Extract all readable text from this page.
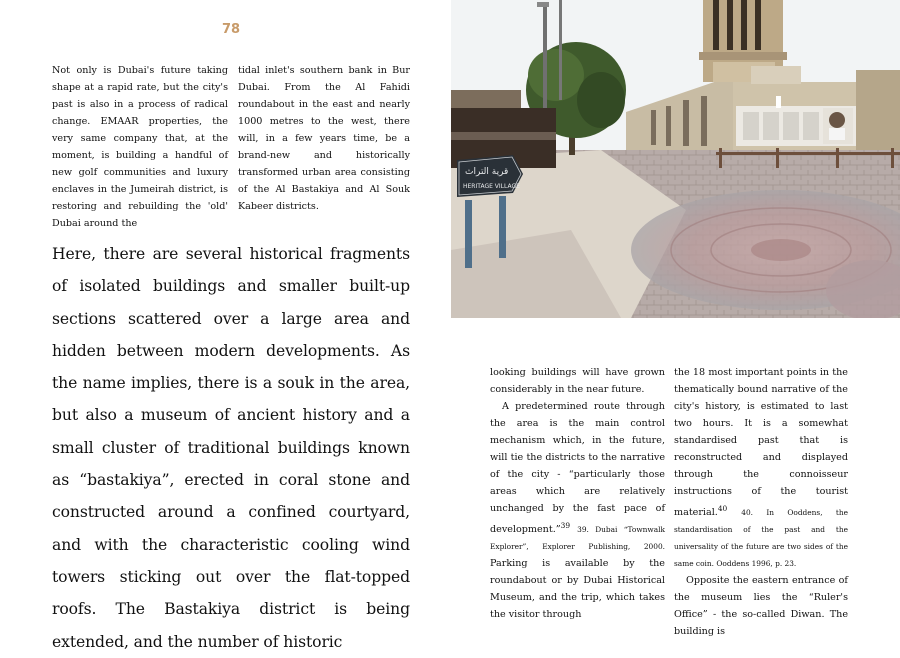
78

Not only is Dubai's future taking shape at a rapid rate, but the city's past is also in a process of radical change. EMAAR properties, the very same company that, at the moment, is building a handful of new golf communities and luxury enclaves in the Jumeirah district, is restoring and rebuilding the 'old' Dubai around the

tidal inlet's southern bank in Bur Dubai. From the Al Fahidi roundabout in the east and nearly 1000 metres to the west, there will, in a few years time, be a brand-new and historically transformed urban area consisting of the Al Bastakiya and Al Souk Kabeer districts.

Here, there are several historical fragments of isolated buildings and smaller built-up sections scattered over a large area and hidden between modern developments. As the name implies, there is a souk in the area, but also a museum of ancient history and a small cluster of traditional buildings known as “bastakiya”, erected in coral stone and constructed around a confined courtyard, and with the characteristic cooling wind towers sticking out over the flat-topped roofs. The Bastakiya district is being extended, and the number of historic

looking buildings will have grown considerably in the near future.

A predetermined route through the area is the main control mechanism which, in the future, will tie the districts to the narrative of the city - “particularly those areas which are relatively unchanged by the fast pace of development.”$^{39}$ 39. Dubai “Townwalk Explorer”, Explorer Publishing, 2000. Parking is available by the roundabout or by Dubai Historical Museum, and the trip, which takes the visitor through

the 18 most important points in the thematically bound narrative of the city's history, is estimated to last two hours. It is a somewhat standardised past that is reconstructed and displayed through the connoisseur instructions of the tourist material.$^{40}$ 40. In Ooddens, the standardisation of the past and the universality of the future are two sides of the same coin. Ooddens 1996, p. 23.

Opposite the eastern entrance of the museum lies the “Ruler's Office” - the so-called Diwan. The building is

قرية التراث
HERITAGE VILLAGE
